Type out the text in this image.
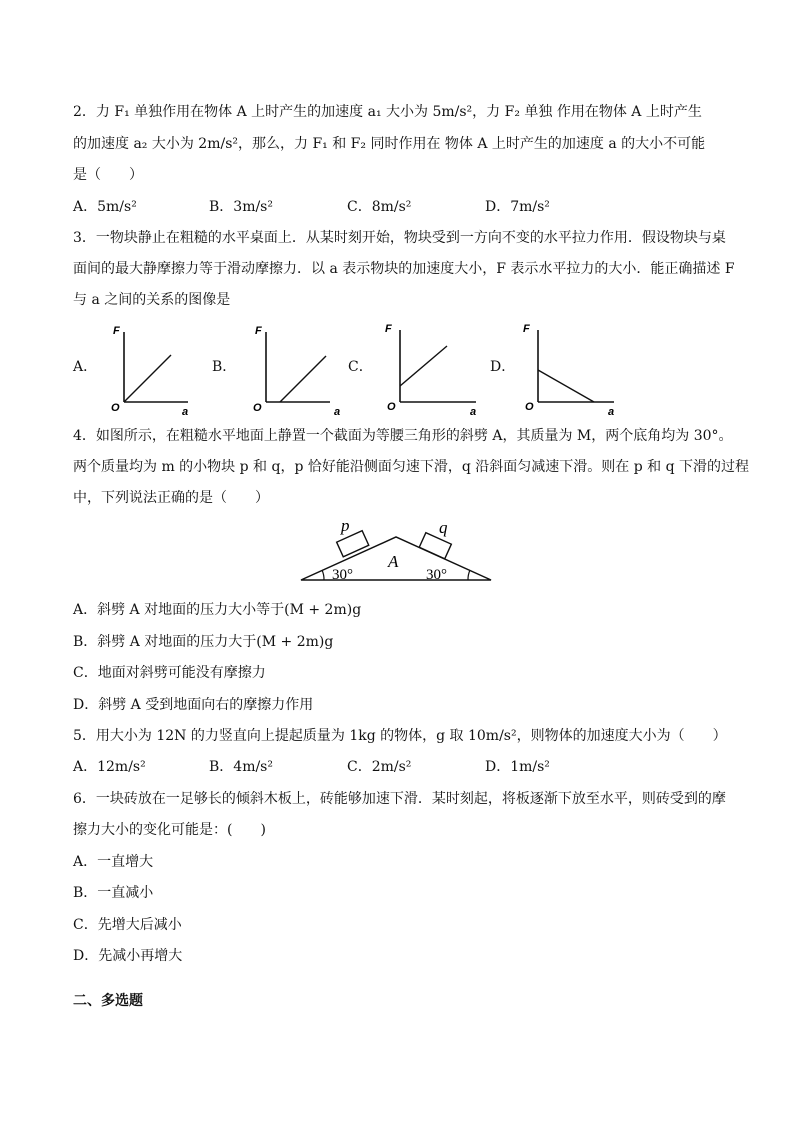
2．力 F₁ 单独作用在物体 A 上时产生的加速度 a₁ 大小为 5m/s²，力 F₂ 单独 作用在物体 A 上时产生
的加速度 a₂ 大小为 2m/s²，那么，力 F₁ 和 F₂ 同时作用在 物体 A 上时产生的加速度 a 的大小不可能
是（　　）
A．5m/s²	B．3m/s²	C．8m/s²	D．7m/s²
3．一物块静止在粗糙的水平桌面上．从某时刻开始，物块受到一方向不变的水平拉力作用．假设物块与桌
面间的最大静摩擦力等于滑动摩擦力．以 a 表示物块的加速度大小，F 表示水平拉力的大小．能正确描述 F
与 a 之间的关系的图像是
A．	B．	C．	D．
F
O	a
F
O	a
F
O	a
F
O	a
4．如图所示，在粗糙水平地面上静置一个截面为等腰三角形的斜劈 A，其质量为 M，两个底角均为 30°。
两个质量均为 m 的小物块 p 和 q，p 恰好能沿侧面匀速下滑，q 沿斜面匀减速下滑。则在 p 和 q 下滑的过程
中，下列说法正确的是（　　）
p	q
A
30°	30°
A．斜劈 A 对地面的压力大小等于(M + 2m)g
B．斜劈 A 对地面的压力大于(M + 2m)g
C．地面对斜劈可能没有摩擦力
D．斜劈 A 受到地面向右的摩擦力作用
5．用大小为 12N 的力竖直向上提起质量为 1kg 的物体，g 取 10m/s²，则物体的加速度大小为（　　）
A．12m/s²	B．4m/s²	C．2m/s²	D．1m/s²
6．一块砖放在一足够长的倾斜木板上，砖能够加速下滑．某时刻起，将板逐渐下放至水平，则砖受到的摩
擦力大小的变化可能是：(　　)
A．一直增大
B．一直减小
C．先增大后减小
D．先减小再增大
二、多选题
